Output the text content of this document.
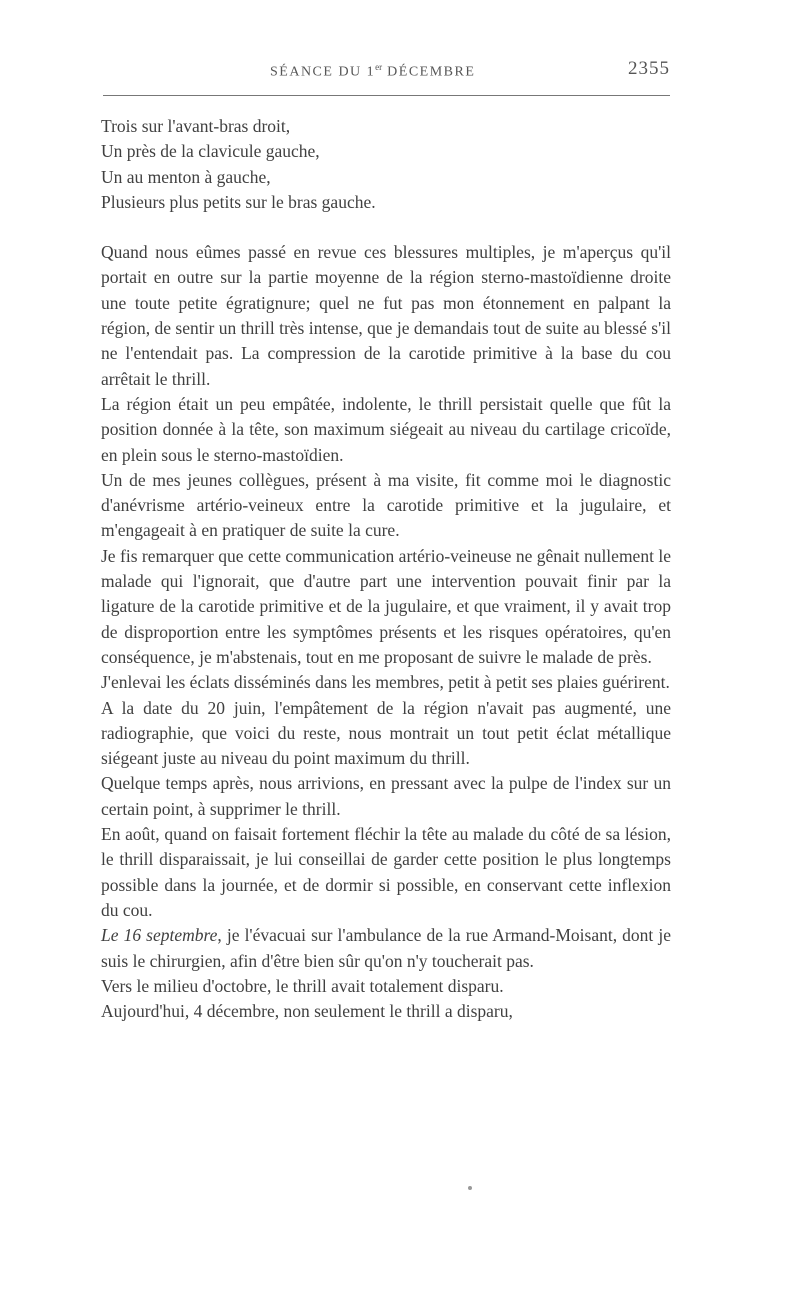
SÉANCE DU 1er DÉCEMBRE	2355
Trois sur l'avant-bras droit,
Un près de la clavicule gauche,
Un au menton à gauche,
Plusieurs plus petits sur le bras gauche.

Quand nous eûmes passé en revue ces blessures multiples, je m'aperçus qu'il portait en outre sur la partie moyenne de la région sterno-mastoïdienne droite une toute petite égratignure; quel ne fut pas mon étonnement en palpant la région, de sentir un thrill très intense, que je demandais tout de suite au blessé s'il ne l'entendait pas. La compression de la carotide primitive à la base du cou arrêtait le thrill.

La région était un peu empâtée, indolente, le thrill persistait quelle que fût la position donnée à la tête, son maximum siégeait au niveau du cartilage cricoïde, en plein sous le sterno-mastoïdien.

Un de mes jeunes collègues, présent à ma visite, fit comme moi le diagnostic d'anévrisme artério-veineux entre la carotide primitive et la jugulaire, et m'engageait à en pratiquer de suite la cure.

Je fis remarquer que cette communication artério-veineuse ne gênait nullement le malade qui l'ignorait, que d'autre part une intervention pouvait finir par la ligature de la carotide primitive et de la jugulaire, et que vraiment, il y avait trop de disproportion entre les symptômes présents et les risques opératoires, qu'en conséquence, je m'abstenais, tout en me proposant de suivre le malade de près.

J'enlevai les éclats disséminés dans les membres, petit à petit ses plaies guérirent.

A la date du 20 juin, l'empâtement de la région n'avait pas augmenté, une radiographie, que voici du reste, nous montrait un tout petit éclat métallique siégeant juste au niveau du point maximum du thrill.

Quelque temps après, nous arrivions, en pressant avec la pulpe de l'index sur un certain point, à supprimer le thrill.

En août, quand on faisait fortement fléchir la tête au malade du côté de sa lésion, le thrill disparaissait, je lui conseillai de garder cette position le plus longtemps possible dans la journée, et de dormir si possible, en conservant cette inflexion du cou.

Le 16 septembre, je l'évacuai sur l'ambulance de la rue Armand-Moisant, dont je suis le chirurgien, afin d'être bien sûr qu'on n'y toucherait pas.

Vers le milieu d'octobre, le thrill avait totalement disparu.

Aujourd'hui, 4 décembre, non seulement le thrill a disparu,
